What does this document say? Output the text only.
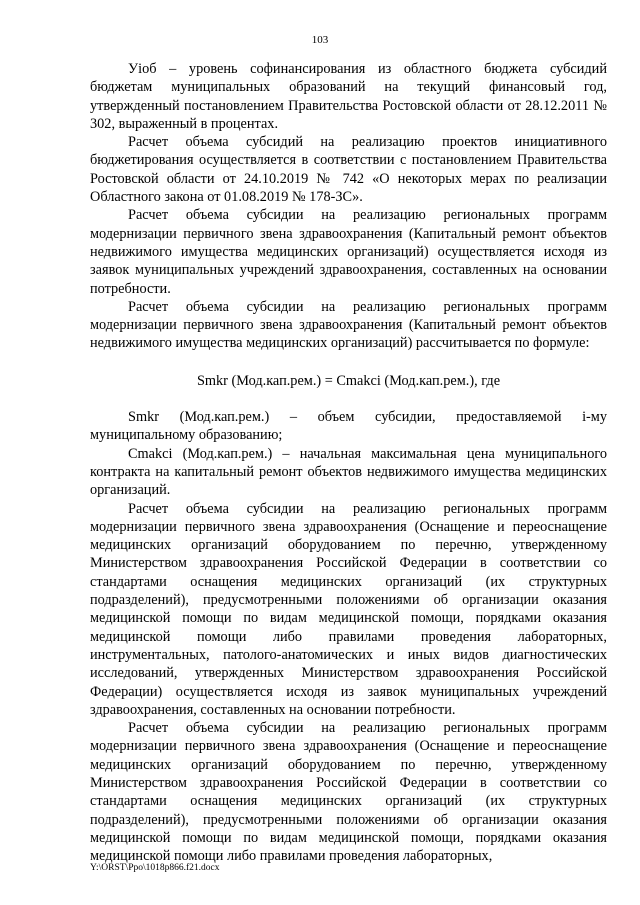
103

Уioб – уровень софинансирования из областного бюджета субсидий бюджетам муниципальных образований на текущий финансовый год, утвержденный постановлением Правительства Ростовской области от 28.12.2011 № 302, выраженный в процентах.

Расчет объема субсидий на реализацию проектов инициативного бюджетирования осуществляется в соответствии с постановлением Правительства Ростовской области от 24.10.2019 № 742 «О некоторых мерах по реализации Областного закона от 01.08.2019 № 178-ЗС».

Расчет объема субсидии на реализацию региональных программ модернизации первичного звена здравоохранения (Капитальный ремонт объектов недвижимого имущества медицинских организаций) осуществляется исходя из заявок муниципальных учреждений здравоохранения, составленных на основании потребности.

Расчет объема субсидии на реализацию региональных программ модернизации первичного звена здравоохранения (Капитальный ремонт объектов недвижимого имущества медицинских организаций) рассчитывается по формуле:

Smkr (Мод.кап.рем.) = Cmakci (Мод.кап.рем.), где

Smkr (Мод.кап.рем.) – объем субсидии, предоставляемой i-му муниципальному образованию;

Cmakci (Мод.кап.рем.) – начальная максимальная цена муниципального контракта на капитальный ремонт объектов недвижимого имущества медицинских организаций.

Расчет объема субсидии на реализацию региональных программ модернизации первичного звена здравоохранения (Оснащение и переоснащение медицинских организаций оборудованием по перечню, утвержденному Министерством здравоохранения Российской Федерации в соответствии со стандартами оснащения медицинских организаций (их структурных подразделений), предусмотренными положениями об организации оказания медицинской помощи по видам медицинской помощи, порядками оказания медицинской помощи либо правилами проведения лабораторных, инструментальных, патолого-анатомических и иных видов диагностических исследований, утвержденных Министерством здравоохранения Российской Федерации) осуществляется исходя из заявок муниципальных учреждений здравоохранения, составленных на основании потребности.

Расчет объема субсидии на реализацию региональных программ модернизации первичного звена здравоохранения (Оснащение и переоснащение медицинских организаций оборудованием по перечню, утвержденному Министерством здравоохранения Российской Федерации в соответствии со стандартами оснащения медицинских организаций (их структурных подразделений), предусмотренными положениями об организации оказания медицинской помощи по видам медицинской помощи, порядками оказания медицинской помощи либо правилами проведения лабораторных,

Y:\ORST\Ppo\1018p866.f21.docx
